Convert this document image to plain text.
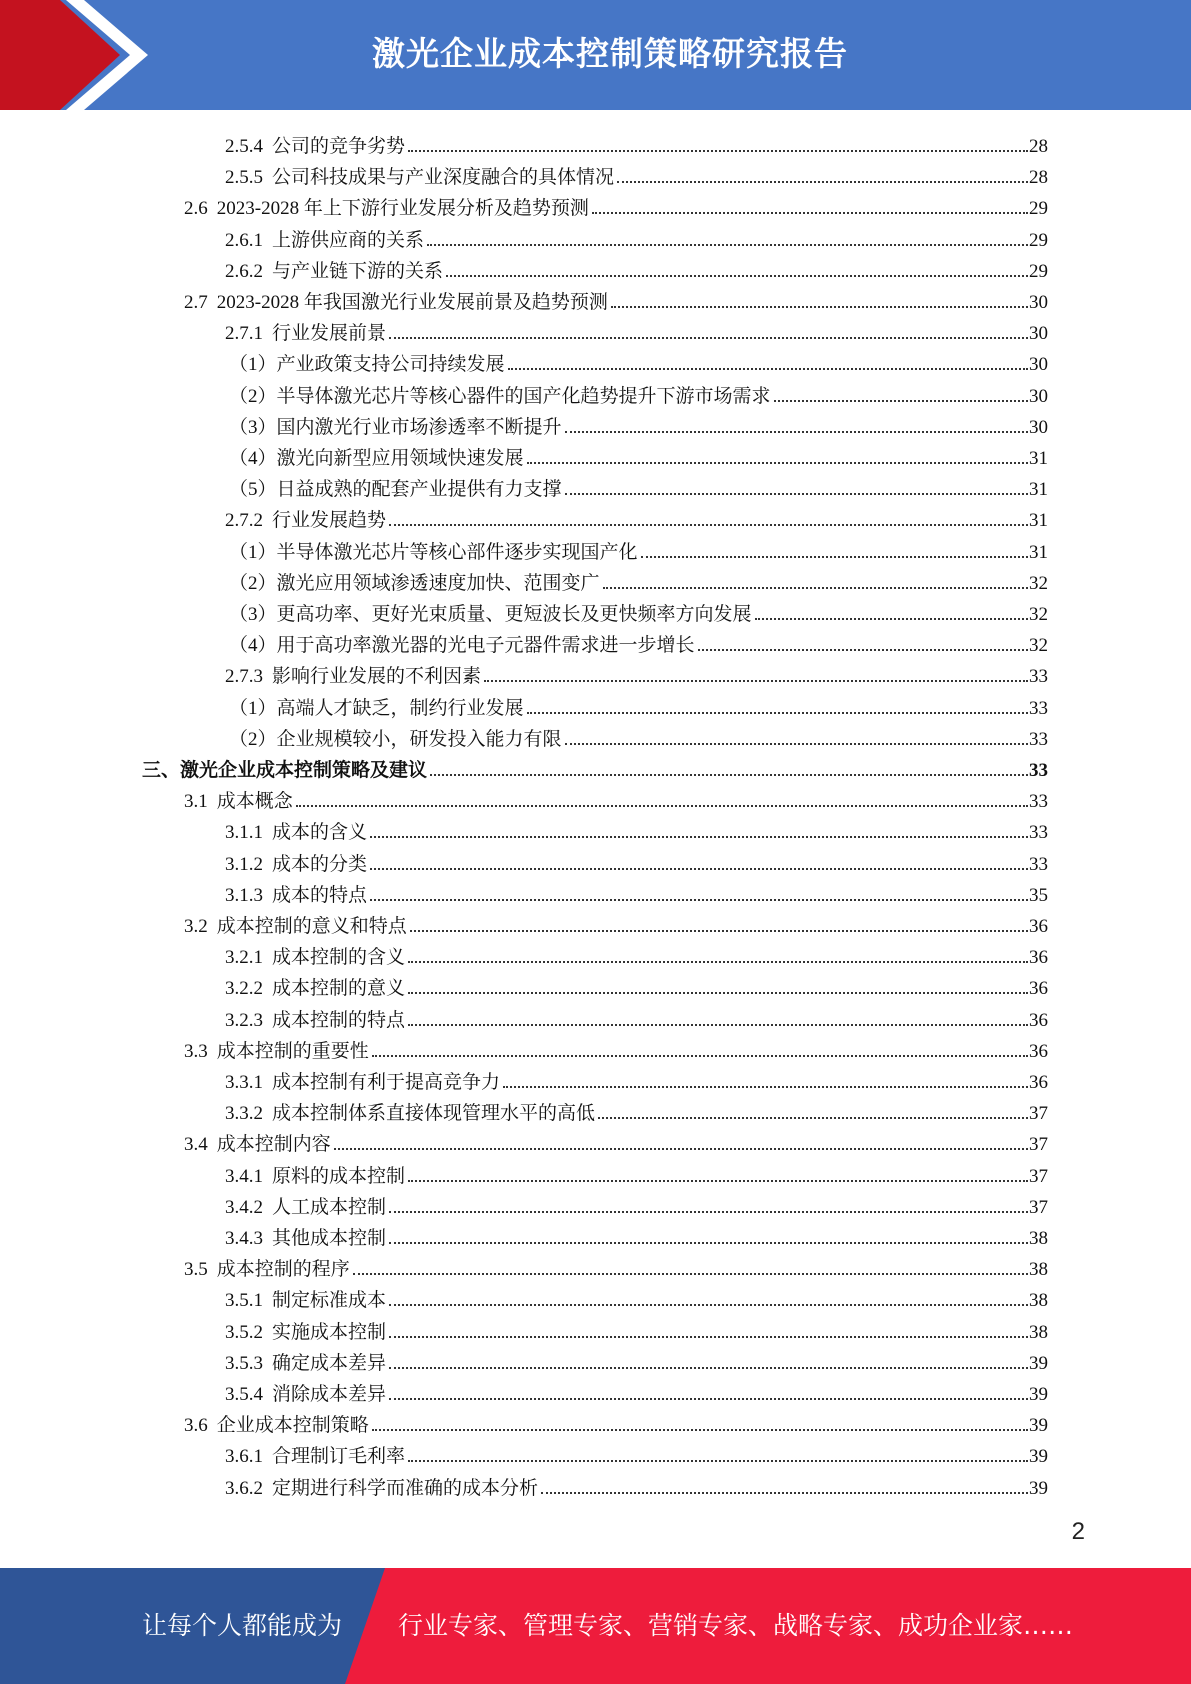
激光企业成本控制策略研究报告
2.5.4 公司的竞争劣势	28
2.5.5 公司科技成果与产业深度融合的具体情况	28
2.6 2023-2028 年上下游行业发展分析及趋势预测	29
2.6.1 上游供应商的关系	29
2.6.2 与产业链下游的关系	29
2.7 2023-2028 年我国激光行业发展前景及趋势预测	30
2.7.1 行业发展前景	30
（1）产业政策支持公司持续发展	30
（2）半导体激光芯片等核心器件的国产化趋势提升下游市场需求	30
（3）国内激光行业市场渗透率不断提升	30
（4）激光向新型应用领域快速发展	31
（5）日益成熟的配套产业提供有力支撑	31
2.7.2 行业发展趋势	31
（1）半导体激光芯片等核心部件逐步实现国产化	31
（2）激光应用领域渗透速度加快、范围变广	32
（3）更高功率、更好光束质量、更短波长及更快频率方向发展	32
（4）用于高功率激光器的光电子元器件需求进一步增长	32
2.7.3 影响行业发展的不利因素	33
（1）高端人才缺乏，制约行业发展	33
（2）企业规模较小，研发投入能力有限	33
三、激光企业成本控制策略及建议	33
3.1 成本概念	33
3.1.1 成本的含义	33
3.1.2 成本的分类	33
3.1.3 成本的特点	35
3.2 成本控制的意义和特点	36
3.2.1 成本控制的含义	36
3.2.2 成本控制的意义	36
3.2.3 成本控制的特点	36
3.3 成本控制的重要性	36
3.3.1 成本控制有利于提高竞争力	36
3.3.2 成本控制体系直接体现管理水平的高低	37
3.4 成本控制内容	37
3.4.1 原料的成本控制	37
3.4.2 人工成本控制	37
3.4.3 其他成本控制	38
3.5 成本控制的程序	38
3.5.1 制定标准成本	38
3.5.2 实施成本控制	38
3.5.3 确定成本差异	39
3.5.4 消除成本差异	39
3.6 企业成本控制策略	39
3.6.1 合理制订毛利率	39
3.6.2 定期进行科学而准确的成本分析	39
2
让每个人都能成为 行业专家、管理专家、营销专家、战略专家、成功企业家……
